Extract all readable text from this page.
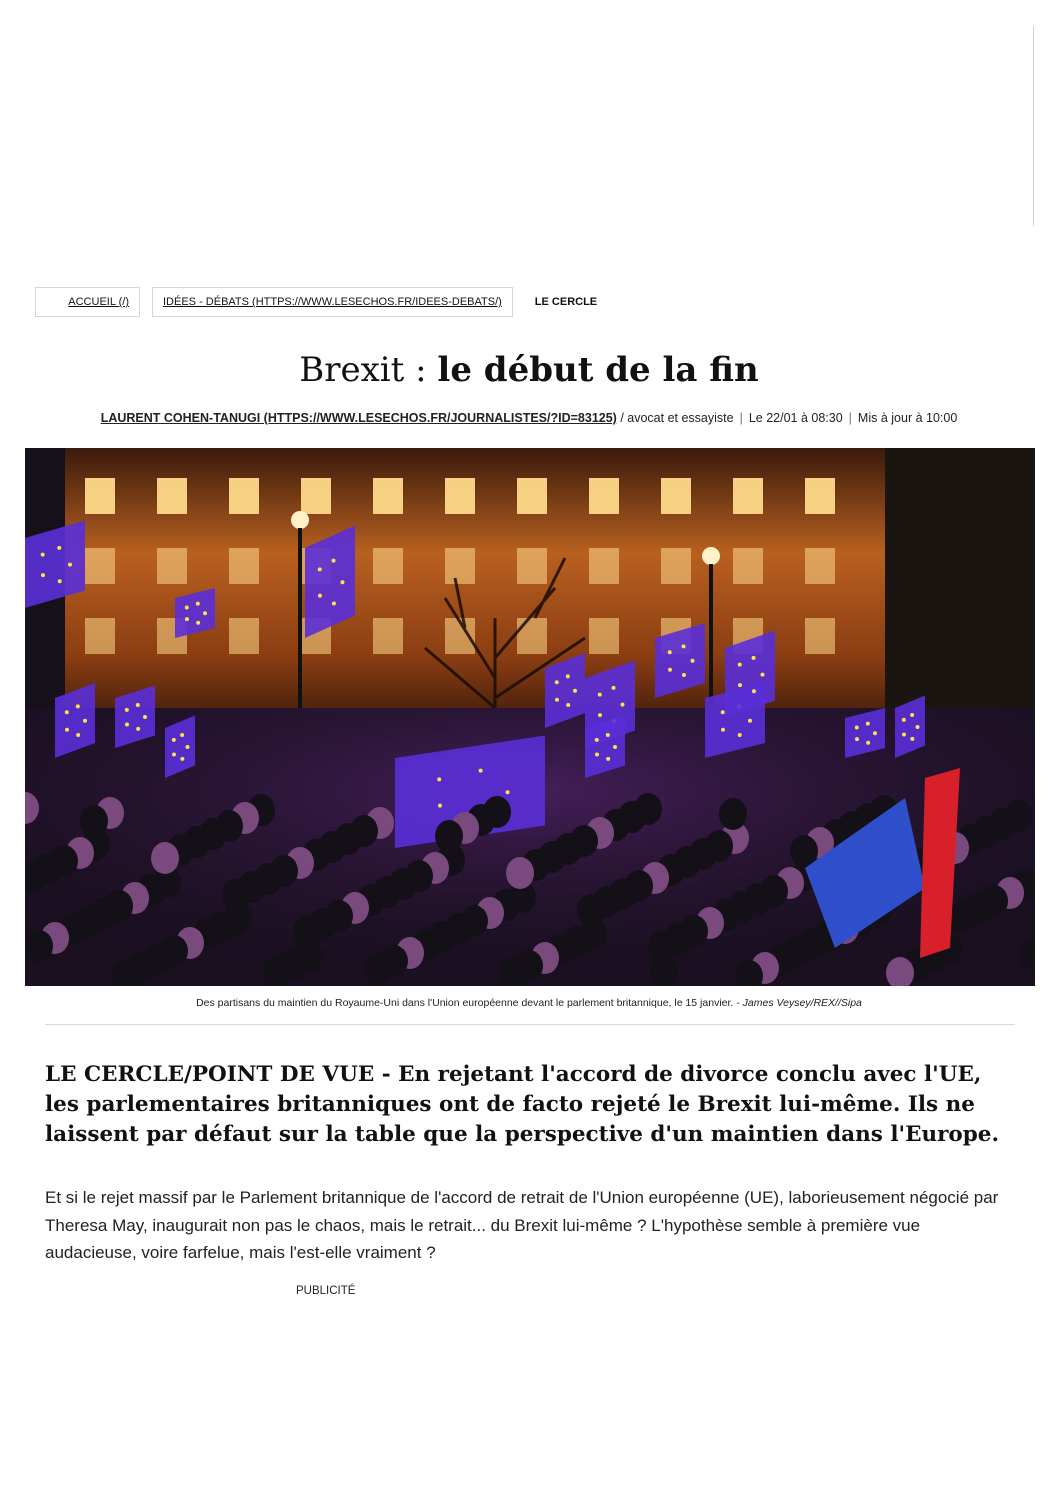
ACCUEIL (/)	IDÉES - DÉBATS (HTTPS://WWW.LESECHOS.FR/IDEES-DEBATS/)	LE CERCLE
Brexit : le début de la fin
LAURENT COHEN-TANUGI (HTTPS://WWW.LESECHOS.FR/JOURNALISTES/?ID=83125) / avocat et essayiste | Le 22/01 à 08:30 | Mis à jour à 10:00
Des partisans du maintien du Royaume-Uni dans l'Union européenne devant le parlement britannique, le 15 janvier. - James Veysey/REX//Sipa

LE CERCLE/POINT DE VUE - En rejetant l'accord de divorce conclu avec l'UE, les parlementaires britanniques ont de facto rejeté le Brexit lui-même. Ils ne laissent par défaut sur la table que la perspective d'un maintien dans l'Europe.

Et si le rejet massif par le Parlement britannique de l'accord de retrait de l'Union européenne (UE), laborieusement négocié par Theresa May, inaugurait non pas le chaos, mais le retrait... du Brexit lui-même ? L'hypothèse semble à première vue audacieuse, voire farfelue, mais l'est-elle vraiment ?

PUBLICITÉ
